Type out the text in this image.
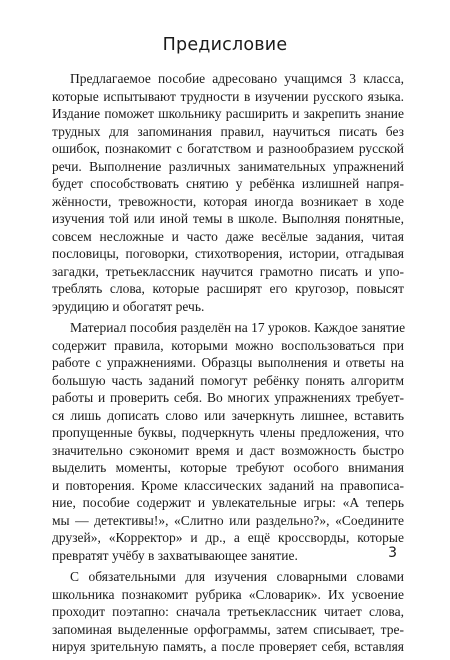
Предисловие

Предлагаемое пособие адресовано учащимся 3 класса,
которые испытывают трудности в изучении русского языка.
Издание поможет школьнику расширить и закрепить знание
трудных для запоминания правил, научиться писать без
ошибок, познакомит с богатством и разнообразием русской
речи. Выполнение различных занимательных упражнений
будет способствовать снятию у ребёнка излишней напря-
жённости, тревожности, которая иногда возникает в ходе
изучения той или иной темы в школе. Выполняя понятные,
совсем несложные и часто даже весёлые задания, читая
пословицы, поговорки, стихотворения, истории, отгадывая
загадки, третьеклассник научится грамотно писать и упо-
треблять слова, которые расширят его кругозор, повысят
эрудицию и обогатят речь.

Материал пособия разделён на 17 уроков. Каждое занятие
содержит правила, которыми можно воспользоваться при
работе с упражнениями. Образцы выполнения и ответы на
большую часть заданий помогут ребёнку понять алгоритм
работы и проверить себя. Во многих упражнениях требует-
ся лишь дописать слово или зачеркнуть лишнее, вставить
пропущенные буквы, подчеркнуть члены предложения, что
значительно сэкономит время и даст возможность быстро
выделить моменты, которые требуют особого внимания
и повторения. Кроме классических заданий на правописа-
ние, пособие содержит и увлекательные игры: «А теперь
мы — детективы!», «Слитно или раздельно?», «Соедините
друзей», «Корректор» и др., а ещё кроссворды, которые
превратят учёбу в захватывающее занятие.

С обязательными для изучения словарными словами
школьника познакомит рубрика «Словарик». Их усвоение
проходит поэтапно: сначала третьеклассник читает слова,
запоминая выделенные орфограммы, затем списывает, тре-
нируя зрительную память, а после проверяет себя, вставляя

3
